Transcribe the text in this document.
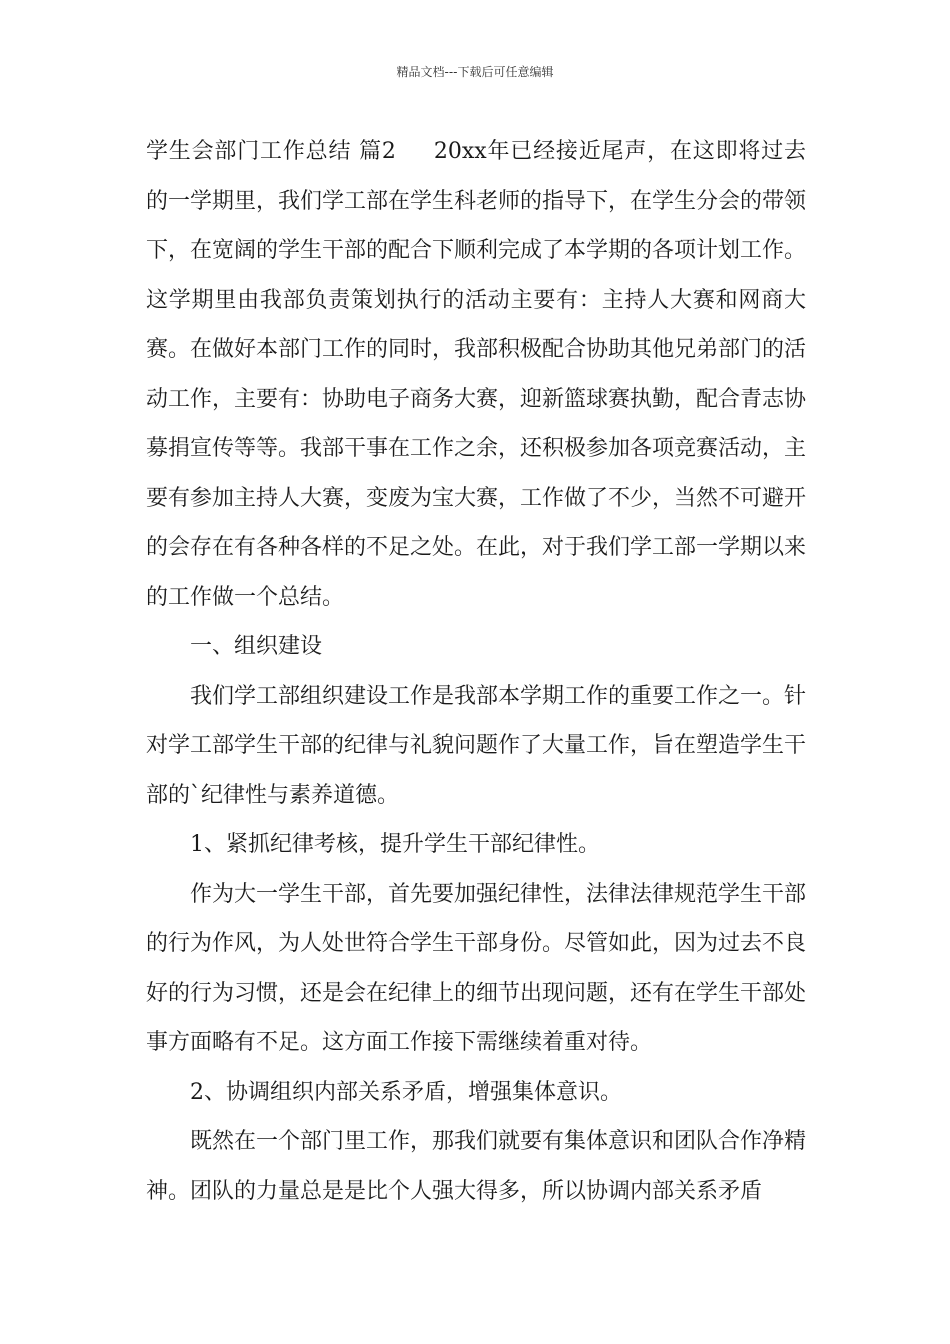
精品文档---下载后可任意编辑

学生会部门工作总结 篇2 20xx年已经接近尾声，在这即将过去的一学期里，我们学工部在学生科老师的指导下，在学生分会的带领下，在宽阔的学生干部的配合下顺利完成了本学期的各项计划工作。这学期里由我部负责策划执行的活动主要有：主持人大赛和网商大赛。在做好本部门工作的同时，我部积极配合协助其他兄弟部门的活动工作，主要有：协助电子商务大赛，迎新篮球赛执勤，配合青志协募捐宣传等等。我部干事在工作之余，还积极参加各项竞赛活动，主要有参加主持人大赛，变废为宝大赛，工作做了不少，当然不可避开的会存在有各种各样的不足之处。在此，对于我们学工部一学期以来的工作做一个总结。

一、组织建设

我们学工部组织建设工作是我部本学期工作的重要工作之一。针对学工部学生干部的纪律与礼貌问题作了大量工作，旨在塑造学生干部的`纪律性与素养道德。

1、紧抓纪律考核，提升学生干部纪律性。

作为大一学生干部，首先要加强纪律性，法律法律规范学生干部的行为作风，为人处世符合学生干部身份。尽管如此，因为过去不良好的行为习惯，还是会在纪律上的细节出现问题，还有在学生干部处事方面略有不足。这方面工作接下需继续着重对待。

2、协调组织内部关系矛盾，增强集体意识。

既然在一个部门里工作，那我们就要有集体意识和团队合作净精神。团队的力量总是是比个人强大得多，所以协调内部关系矛盾
